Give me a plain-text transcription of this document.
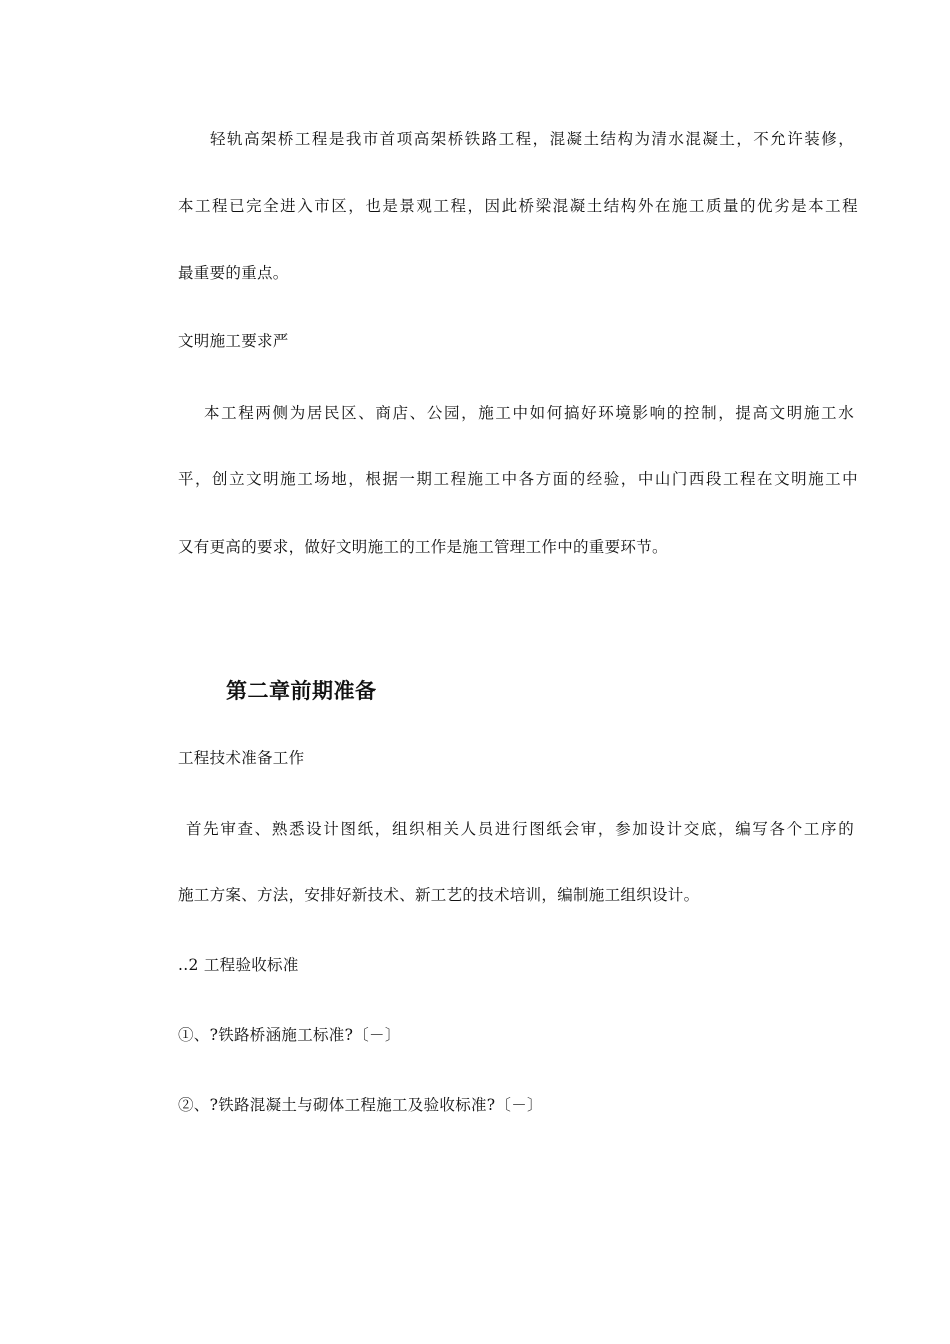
轻轨高架桥工程是我市首项高架桥铁路工程，混凝土结构为清水混凝土，不允许装修，
本工程已完全进入市区，也是景观工程，因此桥梁混凝土结构外在施工质量的优劣是本工程
最重要的重点。
文明施工要求严
本工程两侧为居民区、商店、公园，施工中如何搞好环境影响的控制，提高文明施工水
平，创立文明施工场地，根据一期工程施工中各方面的经验，中山门西段工程在文明施工中
又有更高的要求，做好文明施工的工作是施工管理工作中的重要环节。
第二章前期准备
工程技术准备工作
首先审查、熟悉设计图纸，组织相关人员进行图纸会审，参加设计交底，编写各个工序的
施工方案、方法，安排好新技术、新工艺的技术培训，编制施工组织设计。
..2 工程验收标准
①、?铁路桥涵施工标准?〔－〕
②、?铁路混凝土与砌体工程施工及验收标准?〔－〕
